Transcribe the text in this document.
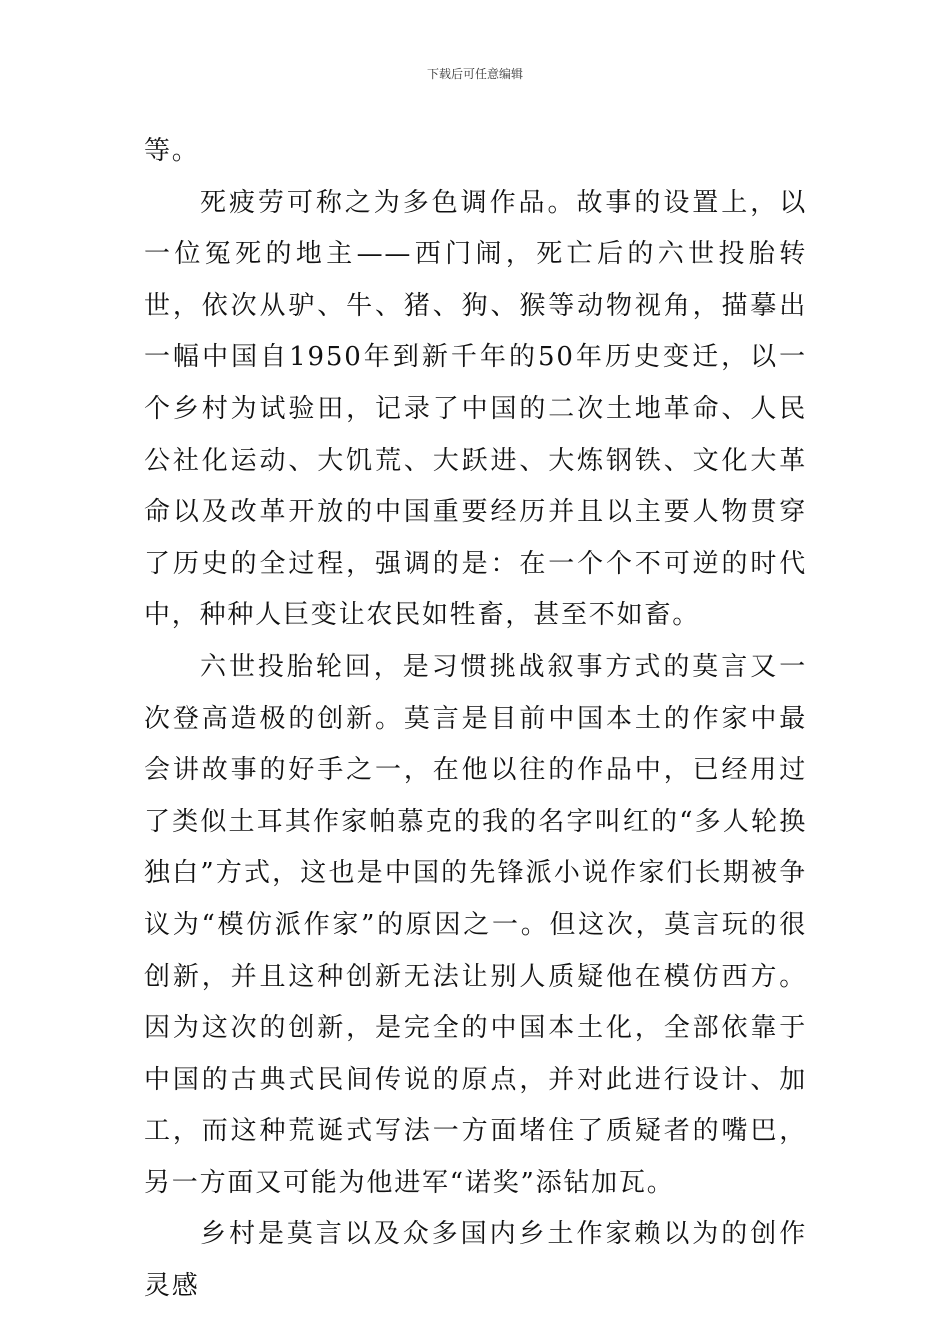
下载后可任意编辑

等。

死疲劳可称之为多色调作品。故事的设置上，以一位冤死的地主——西门闹，死亡后的六世投胎转世，依次从驴、牛、猪、狗、猴等动物视角，描摹出一幅中国自1950年到新千年的50年历史变迁，以一个乡村为试验田，记录了中国的二次土地革命、人民公社化运动、大饥荒、大跃进、大炼钢铁、文化大革命以及改革开放的中国重要经历并且以主要人物贯穿了历史的全过程，强调的是：在一个个不可逆的时代中，种种人巨变让农民如牲畜，甚至不如畜。

六世投胎轮回，是习惯挑战叙事方式的莫言又一次登高造极的创新。莫言是目前中国本土的作家中最会讲故事的好手之一，在他以往的作品中，已经用过了类似土耳其作家帕慕克的我的名字叫红的“多人轮换独白”方式，这也是中国的先锋派小说作家们长期被争议为“模仿派作家”的原因之一。但这次，莫言玩的很创新，并且这种创新无法让别人质疑他在模仿西方。因为这次的创新，是完全的中国本土化，全部依靠于中国的古典式民间传说的原点，并对此进行设计、加工，而这种荒诞式写法一方面堵住了质疑者的嘴巴，另一方面又可能为他进军“诺奖”添钻加瓦。

乡村是莫言以及众多国内乡土作家赖以为的创作灵感
